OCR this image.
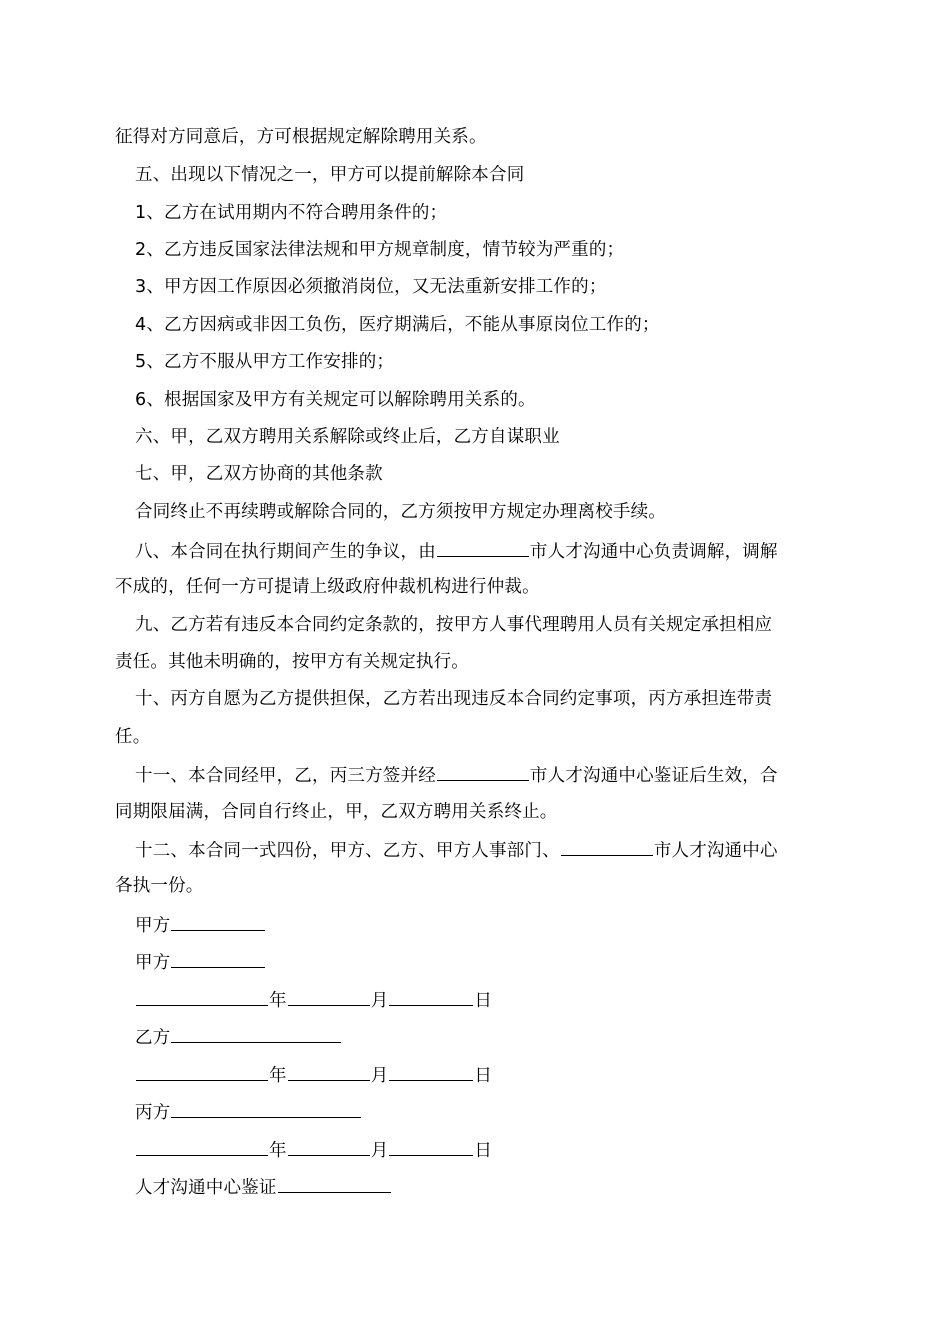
征得对方同意后，方可根据规定解除聘用关系。
五、出现以下情况之一，甲方可以提前解除本合同
1、乙方在试用期内不符合聘用条件的；
2、乙方违反国家法律法规和甲方规章制度，情节较为严重的；
3、甲方因工作原因必须撤消岗位，又无法重新安排工作的；
4、乙方因病或非因工负伤，医疗期满后，不能从事原岗位工作的；
5、乙方不服从甲方工作安排的；
6、根据国家及甲方有关规定可以解除聘用关系的。
六、甲，乙双方聘用关系解除或终止后，乙方自谋职业
七、甲，乙双方协商的其他条款
合同终止不再续聘或解除合同的，乙方须按甲方规定办理离校手续。
八、本合同在执行期间产生的争议，由	市人才沟通中心负责调解，调解
不成的，任何一方可提请上级政府仲裁机构进行仲裁。
九、乙方若有违反本合同约定条款的，按甲方人事代理聘用人员有关规定承担相应
责任。其他未明确的，按甲方有关规定执行。
十、丙方自愿为乙方提供担保，乙方若出现违反本合同约定事项，丙方承担连带责
任。
十一、本合同经甲，乙，丙三方签并经	市人才沟通中心鉴证后生效，合
同期限届满，合同自行终止，甲，乙双方聘用关系终止。
十二、本合同一式四份，甲方、乙方、甲方人事部门、	市人才沟通中心
各执一份。
甲方
甲方
年	月	日
乙方
年	月	日
丙方
年	月	日
人才沟通中心鉴证
